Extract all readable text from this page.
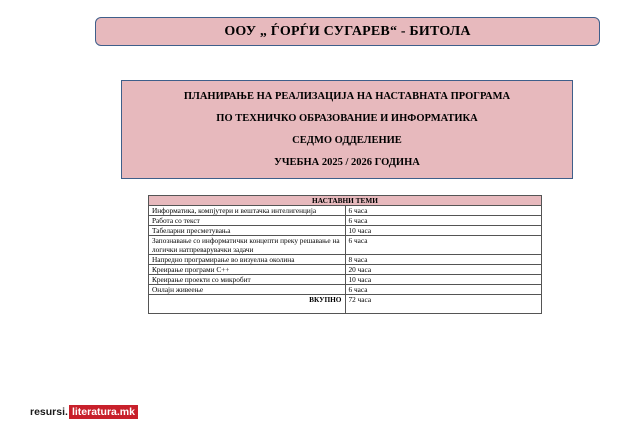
ООУ „ ЃОРЃИ СУГАРЕВ“ - БИТОЛА
ПЛАНИРАЊЕ НА РЕАЛИЗАЦИЈА НА НАСТАВНАТА ПРОГРАМА
ПО ТЕХНИЧКО ОБРАЗОВАНИЕ И ИНФОРМАТИКА
СЕДМО ОДДЕЛЕНИЕ
УЧЕБНА 2025 / 2026 ГОДИНА
НАСТАВНИ ТЕМИ	
Информатика, компјутери и вештачка интелигенција	6 часа
Работа со текст	6 часа
Табеларни пресметувања	10 часа
Запознавање со информатички концепти преку решавање на логички натпреварувачки задачи	6 часа
Напредно програмирање во визуелна околина	8 часа
Креирање програми C++	20 часа
Креирање проекти со микробит	10 часа
Онлајн живеење	6 часа
ВКУПНО	72 часа
resursi. literatura.mk
